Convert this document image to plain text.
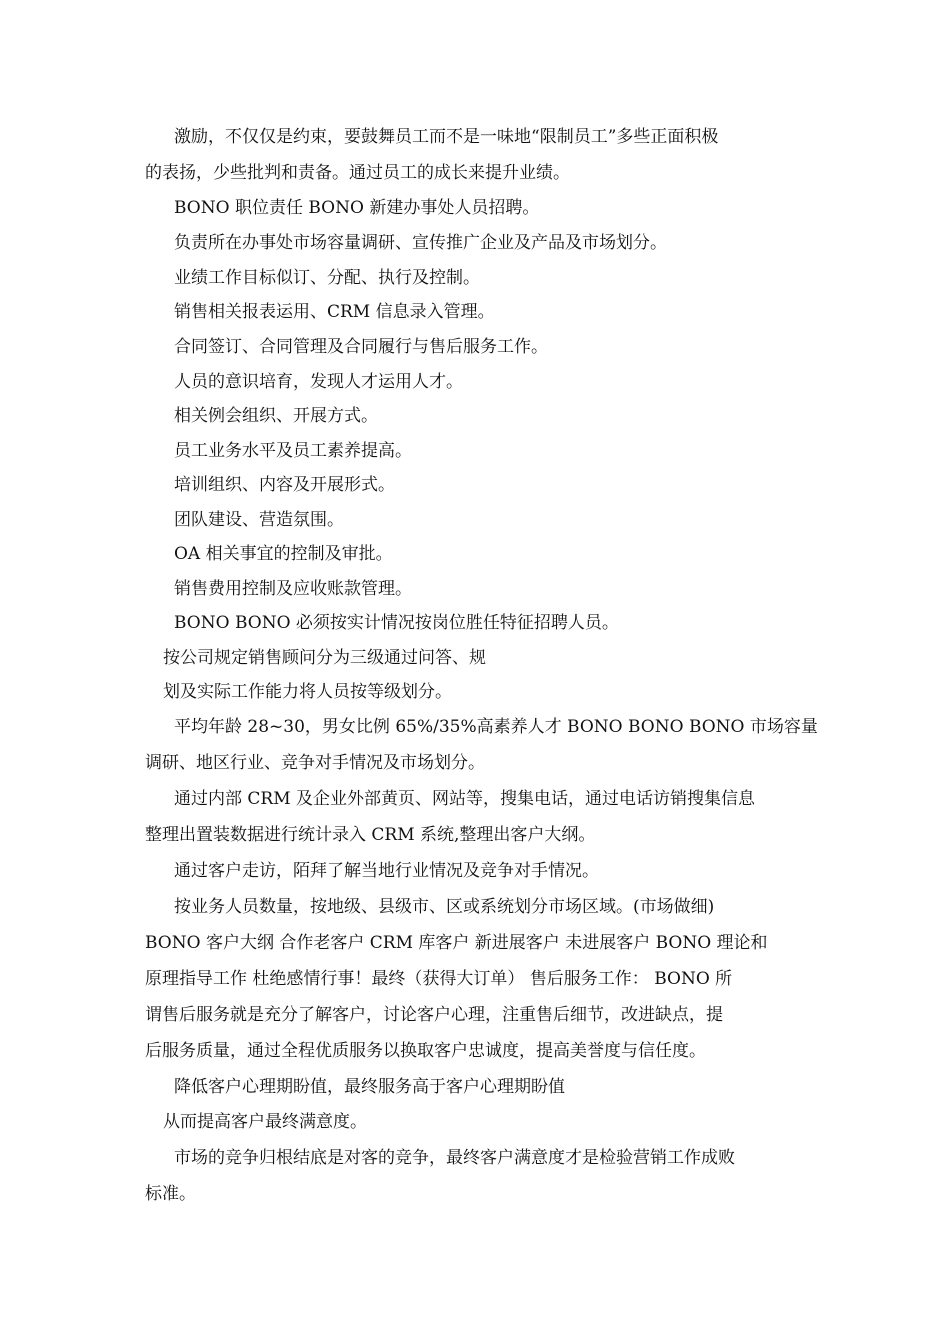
激励，不仅仅是约束，要鼓舞员工而不是一味地“限制员工”多些正面积极

的表扬，少些批判和责备。通过员工的成长来提升业绩。

BONO 职位责任 BONO 新建办事处人员招聘。

负责所在办事处市场容量调研、宣传推广企业及产品及市场划分。

业绩工作目标似订、分配、执行及控制。

销售相关报表运用、CRM 信息录入管理。

合同签订、合同管理及合同履行与售后服务工作。

人员的意识培育，发现人才运用人才。

相关例会组织、开展方式。

员工业务水平及员工素养提高。

培训组织、内容及开展形式。

团队建设、营造氛围。

OA 相关事宜的控制及审批。

销售费用控制及应收账款管理。

BONO BONO 必须按实计情况按岗位胜任特征招聘人员。

按公司规定销售顾问分为三级通过问答、规

划及实际工作能力将人员按等级划分。

平均年龄 28~30，男女比例 65%/35%高素养人才 BONO BONO BONO 市场容量

调研、地区行业、竞争对手情况及市场划分。

通过内部 CRM 及企业外部黄页、网站等，搜集电话，通过电话访销搜集信息

整理出置装数据进行统计录入 CRM 系统,整理出客户大纲。

通过客户走访，陌拜了解当地行业情况及竞争对手情况。

按业务人员数量，按地级、县级市、区或系统划分市场区域。(市场做细)

BONO 客户大纲 合作老客户 CRM 库客户 新进展客户 未进展客户 BONO 理论和

原理指导工作 杜绝感情行事！最终（获得大订单） 售后服务工作： BONO 所

谓售后服务就是充分了解客户，讨论客户心理，注重售后细节，改进缺点，提

后服务质量，通过全程优质服务以换取客户忠诚度，提高美誉度与信任度。

降低客户心理期盼值，最终服务高于客户心理期盼值

从而提高客户最终满意度。

市场的竞争归根结底是对客的竞争，最终客户满意度才是检验营销工作成败

标准。
